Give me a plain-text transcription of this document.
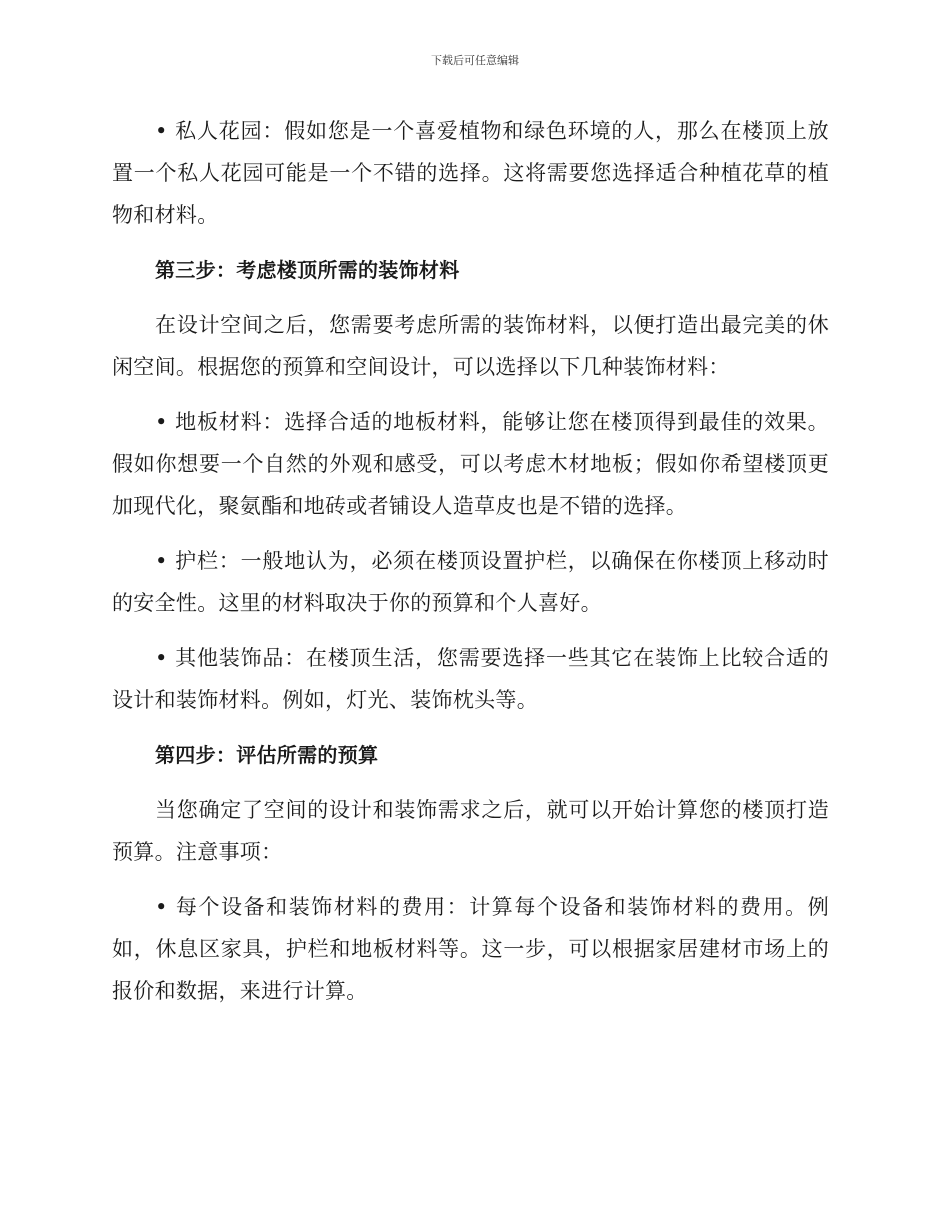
下载后可任意编辑

• 私人花园：假如您是一个喜爱植物和绿色环境的人，那么在楼顶上放置一个私人花园可能是一个不错的选择。这将需要您选择适合种植花草的植物和材料。

第三步：考虑楼顶所需的装饰材料

在设计空间之后，您需要考虑所需的装饰材料，以便打造出最完美的休闲空间。根据您的预算和空间设计，可以选择以下几种装饰材料：

• 地板材料：选择合适的地板材料，能够让您在楼顶得到最佳的效果。假如你想要一个自然的外观和感受，可以考虑木材地板；假如你希望楼顶更加现代化，聚氨酯和地砖或者铺设人造草皮也是不错的选择。

• 护栏：一般地认为，必须在楼顶设置护栏，以确保在你楼顶上移动时的安全性。这里的材料取决于你的预算和个人喜好。

• 其他装饰品：在楼顶生活，您需要选择一些其它在装饰上比较合适的设计和装饰材料。例如，灯光、装饰枕头等。

第四步：评估所需的预算

当您确定了空间的设计和装饰需求之后，就可以开始计算您的楼顶打造预算。注意事项：

• 每个设备和装饰材料的费用：计算每个设备和装饰材料的费用。例如，休息区家具，护栏和地板材料等。这一步，可以根据家居建材市场上的报价和数据，来进行计算。
